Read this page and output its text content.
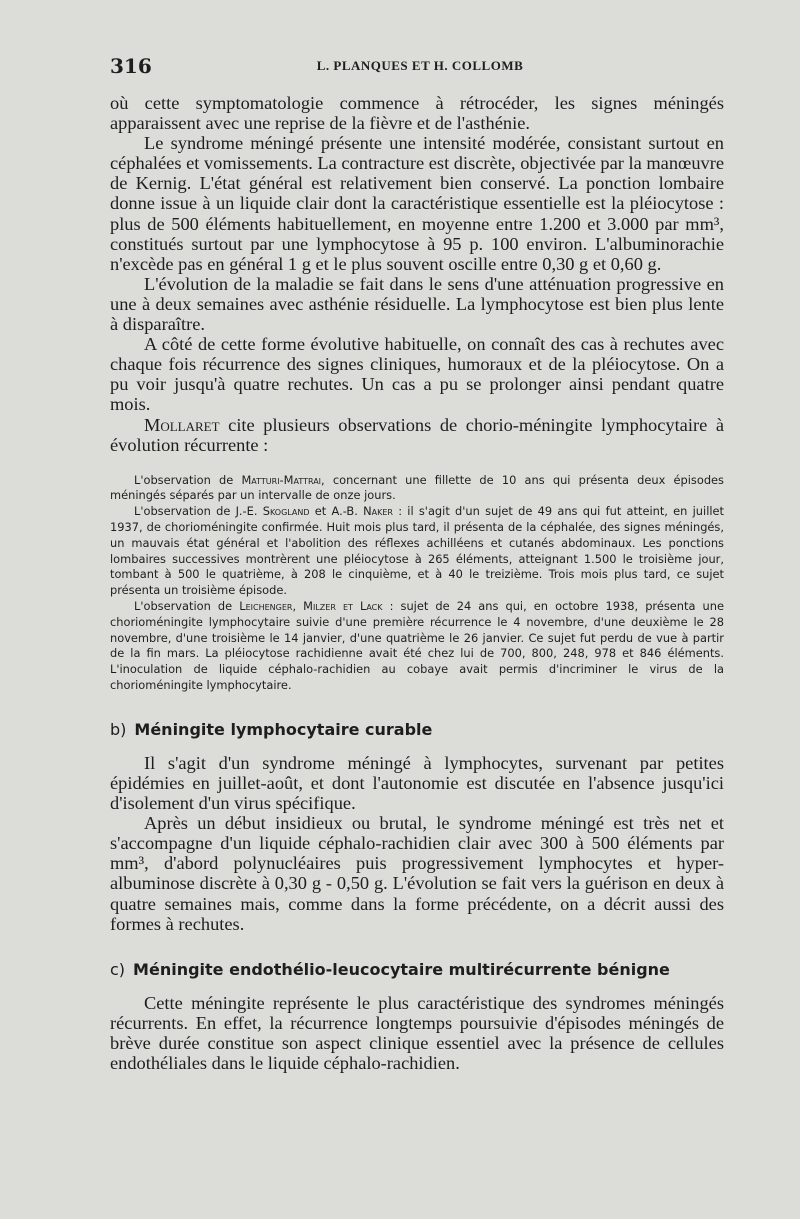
316	L. PLANQUES ET H. COLLOMB

où cette symptomatologie commence à rétrocéder, les signes méningés apparaissent avec une reprise de la fièvre et de l'asthénie.

Le syndrome méningé présente une intensité modérée, consistant surtout en céphalées et vomissements. La contracture est discrète, objectivée par la manœuvre de Kernig. L'état général est relativement bien conservé. La ponction lombaire donne issue à un liquide clair dont la caractéristique essentielle est la pléiocytose : plus de 500 éléments habituellement, en moyenne entre 1.200 et 3.000 par mm³, constitués surtout par une lymphocytose à 95 p. 100 environ. L'albuminorachie n'excède pas en général 1 g et le plus souvent oscille entre 0,30 g et 0,60 g.

L'évolution de la maladie se fait dans le sens d'une atténuation progressive en une à deux semaines avec asthénie résiduelle. La lymphocytose est bien plus lente à disparaître.

A côté de cette forme évolutive habituelle, on connaît des cas à rechutes avec chaque fois récurrence des signes cliniques, humoraux et de la pléiocytose. On a pu voir jusqu'à quatre rechutes. Un cas a pu se prolonger ainsi pendant quatre mois.

Mollaret cite plusieurs observations de chorio-méningite lymphocytaire à évolution récurrente :

L'observation de Matturi-Mattrai, concernant une fillette de 10 ans qui présenta deux épisodes méningés séparés par un intervalle de onze jours.

L'observation de J.-E. Skogland et A.-B. Naker : il s'agit d'un sujet de 49 ans qui fut atteint, en juillet 1937, de chorioméningite confirmée. Huit mois plus tard, il présenta de la céphalée, des signes méningés, un mauvais état général et l'abolition des réflexes achilléens et cutanés abdominaux. Les ponctions lombaires successives montrèrent une pléiocytose à 265 éléments, atteignant 1.500 le troisième jour, tombant à 500 le quatrième, à 208 le cinquième, et à 40 le treizième. Trois mois plus tard, ce sujet présenta un troisième épisode.

L'observation de Leichenger, Milzer et Lack : sujet de 24 ans qui, en octobre 1938, présenta une chorioméningite lymphocytaire suivie d'une première récurrence le 4 novembre, d'une deuxième le 28 novembre, d'une troisième le 14 janvier, d'une quatrième le 26 janvier. Ce sujet fut perdu de vue à partir de la fin mars. La pléiocytose rachidienne avait été chez lui de 700, 800, 248, 978 et 846 éléments. L'inoculation de liquide céphalo-rachidien au cobaye avait permis d'incriminer le virus de la chorioméningite lymphocytaire.

b) Méningite lymphocytaire curable

Il s'agit d'un syndrome méningé à lymphocytes, survenant par petites épidémies en juillet-août, et dont l'autonomie est discutée en l'absence jusqu'ici d'isolement d'un virus spécifique.

Après un début insidieux ou brutal, le syndrome méningé est très net et s'accompagne d'un liquide céphalo-rachidien clair avec 300 à 500 éléments par mm³, d'abord polynucléaires puis progressivement lymphocytes et hyper-albuminose discrète à 0,30 g - 0,50 g. L'évolution se fait vers la guérison en deux à quatre semaines mais, comme dans la forme précédente, on a décrit aussi des formes à rechutes.

c) Méningite endothélio-leucocytaire multirécurrente bénigne

Cette méningite représente le plus caractéristique des syndromes méningés récurrents. En effet, la récurrence longtemps poursuivie d'épisodes méningés de brève durée constitue son aspect clinique essentiel avec la présence de cellules endothéliales dans le liquide céphalo-rachidien.
